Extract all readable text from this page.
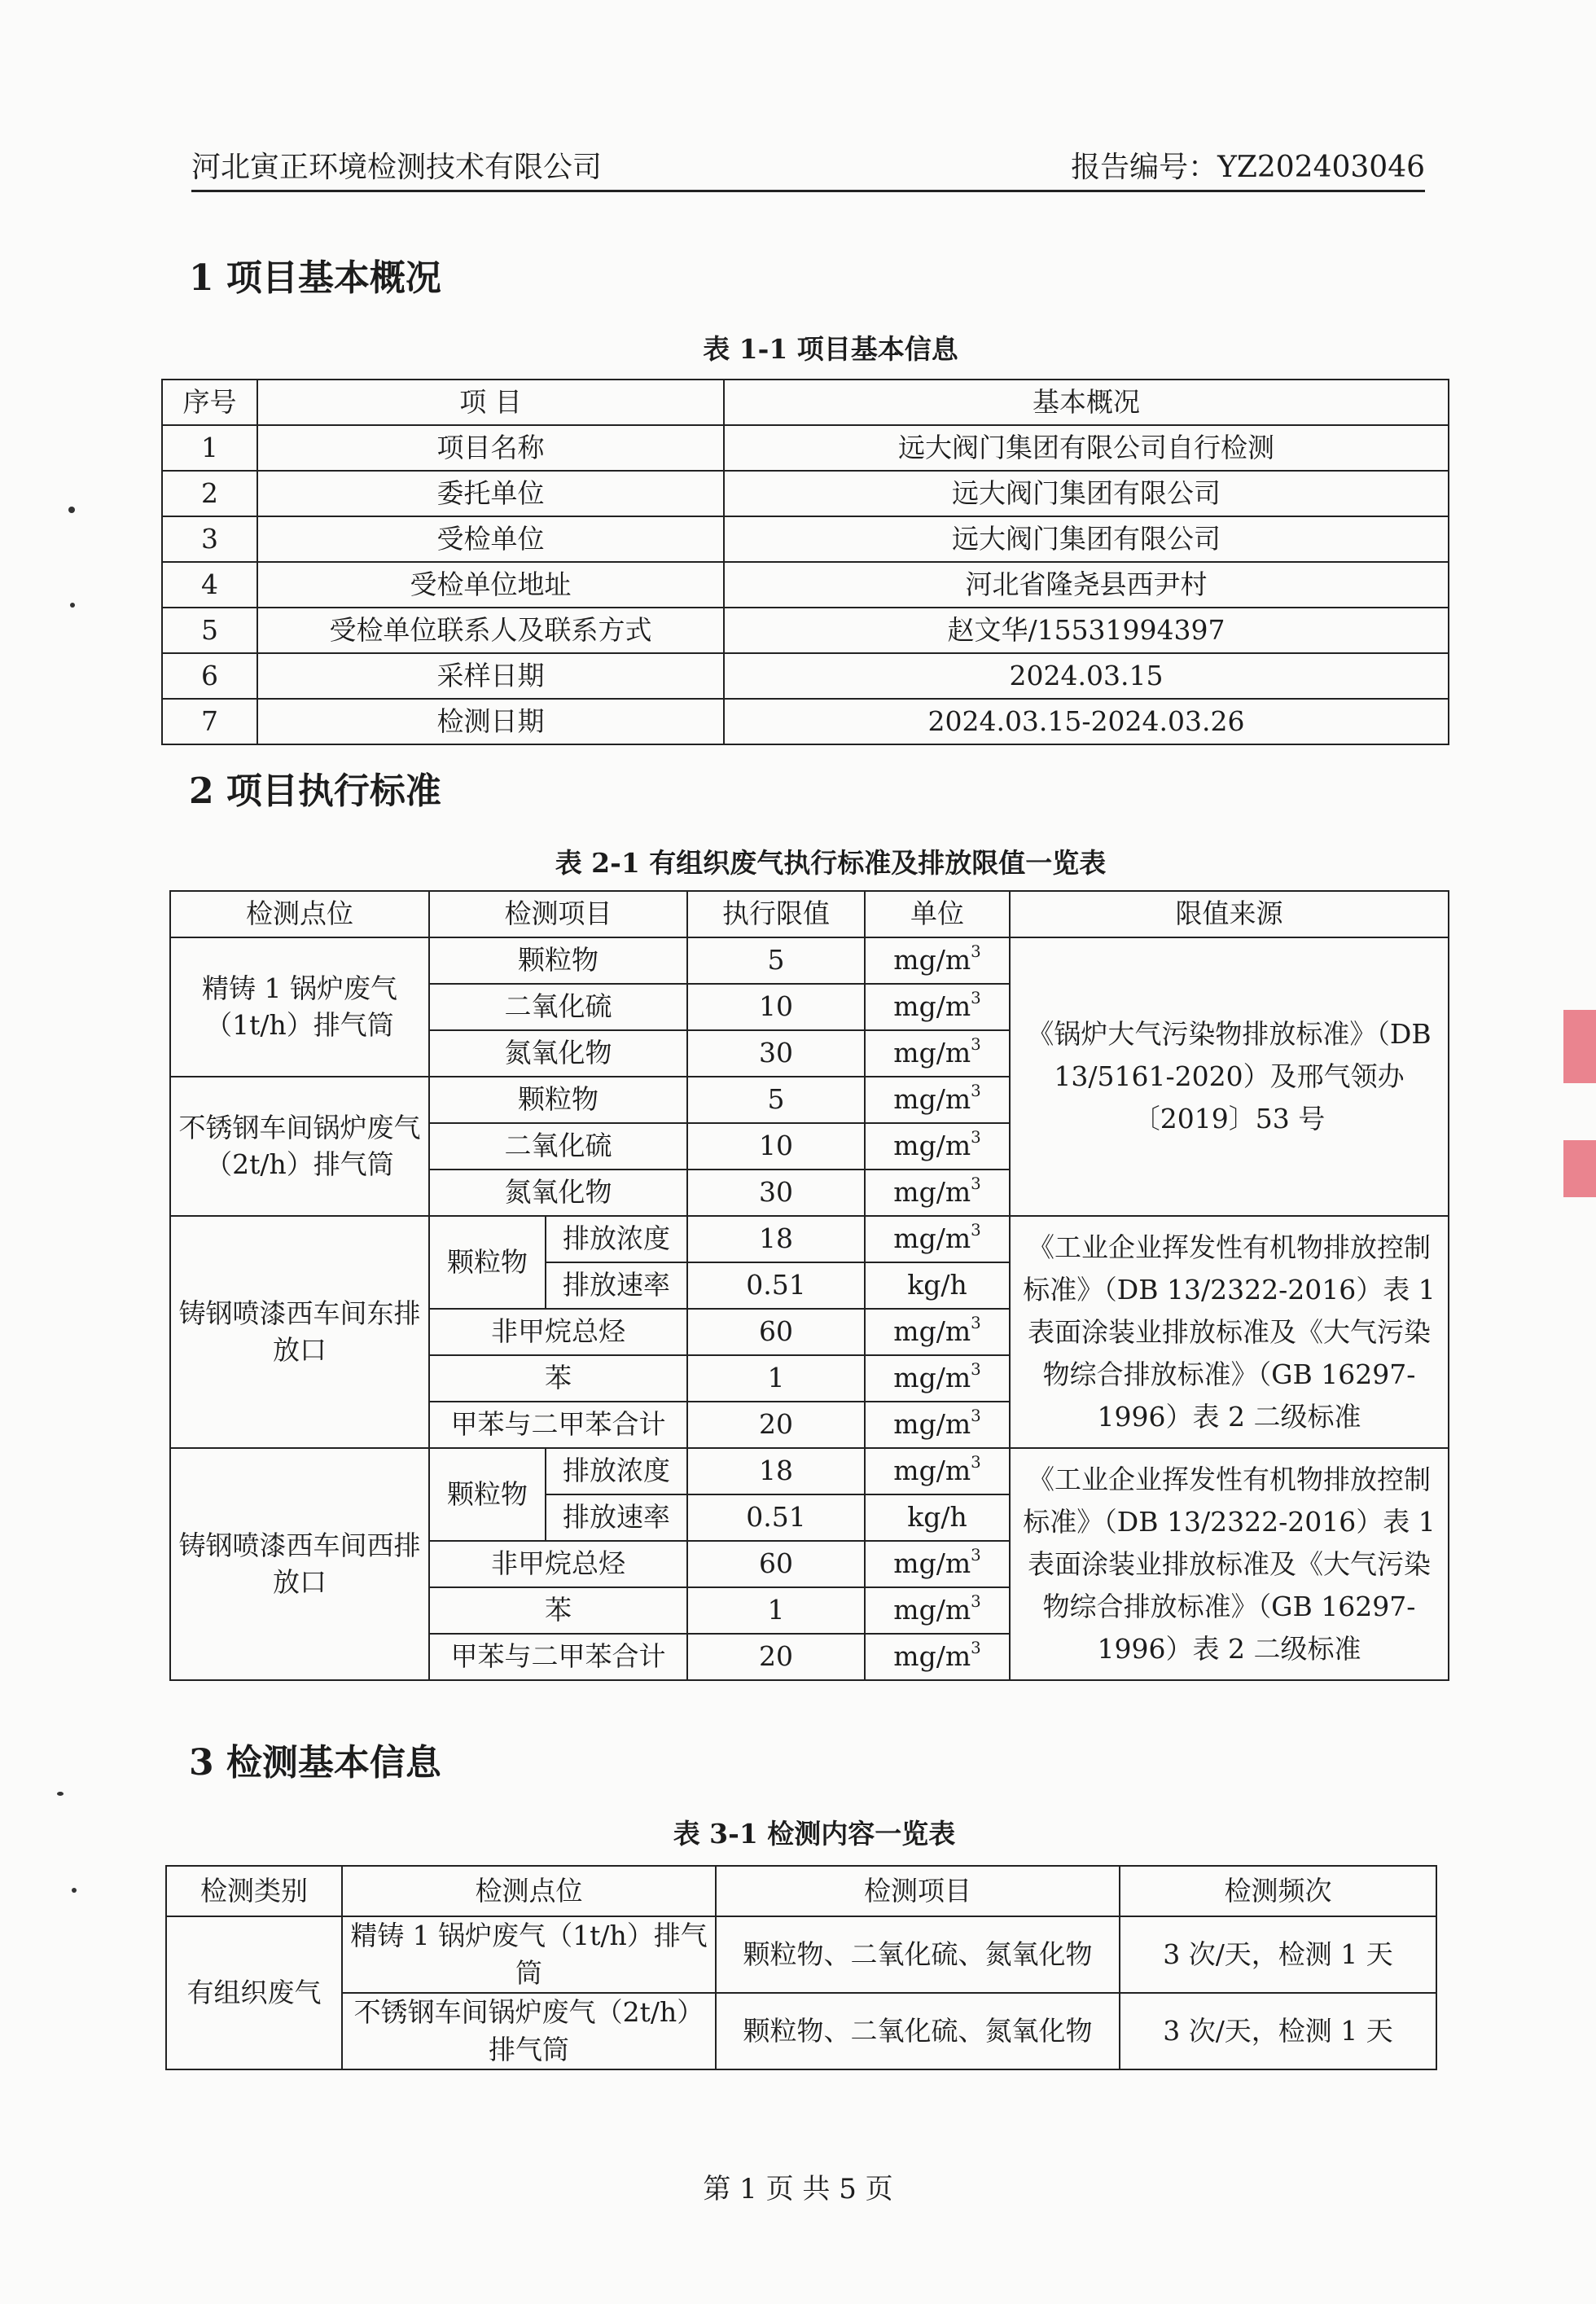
河北寅正环境检测技术有限公司	报告编号：YZ202403046
1 项目基本概况
表 1-1 项目基本信息
序号	项 目	基本概况
1	项目名称	远大阀门集团有限公司自行检测
2	委托单位	远大阀门集团有限公司
3	受检单位	远大阀门集团有限公司
4	受检单位地址	河北省隆尧县西尹村
5	受检单位联系人及联系方式	赵文华/15531994397
6	采样日期	2024.03.15
7	检测日期	2024.03.15-2024.03.26
2 项目执行标准
表 2-1 有组织废气执行标准及排放限值一览表
检测点位	检测项目		执行限值	单位	限值来源
精铸 1 锅炉废气（1t/h）排气筒	颗粒物		5	$mg/m^3$	《锅炉大气污染物排放标准》（DB 13/5161-2020）及邢气领办〔2019〕53 号
	二氧化硫		10	$mg/m^3$
	氮氧化物		30	$mg/m^3$
不锈钢车间锅炉废气（2t/h）排气筒	颗粒物		5	$mg/m^3$
	二氧化硫		10	$mg/m^3$
	氮氧化物		30	$mg/m^3$
铸钢喷漆西车间东排放口	颗粒物	排放浓度	18	$mg/m^3$	《工业企业挥发性有机物排放控制标准》（DB 13/2322-2016）表 1 表面涂装业排放标准及《大气污染物综合排放标准》（GB 16297-1996）表 2 二级标准
		排放速率	0.51	kg/h	
	非甲烷总烃		60	$mg/m^3$
	苯		1	$mg/m^3$
	甲苯与二甲苯合计		20	$mg/m^3$
铸钢喷漆西车间西排放口	颗粒物	排放浓度	18	$mg/m^3$	《工业企业挥发性有机物排放控制标准》（DB 13/2322-2016）表 1 表面涂装业排放标准及《大气污染物综合排放标准》（GB 16297-1996）表 2 二级标准
		排放速率	0.51	kg/h	
	非甲烷总烃		60	$mg/m^3$
	苯		1	$mg/m^3$
	甲苯与二甲苯合计		20	$mg/m^3$
3 检测基本信息
表 3-1 检测内容一览表
检测类别	检测点位	检测项目	检测频次
有组织废气	精铸 1 锅炉废气（1t/h）排气筒	颗粒物、二氧化硫、氮氧化物	3 次/天，检测 1 天
	不锈钢车间锅炉废气（2t/h）排气筒	颗粒物、二氧化硫、氮氧化物	3 次/天，检测 1 天
第 1 页 共 5 页
